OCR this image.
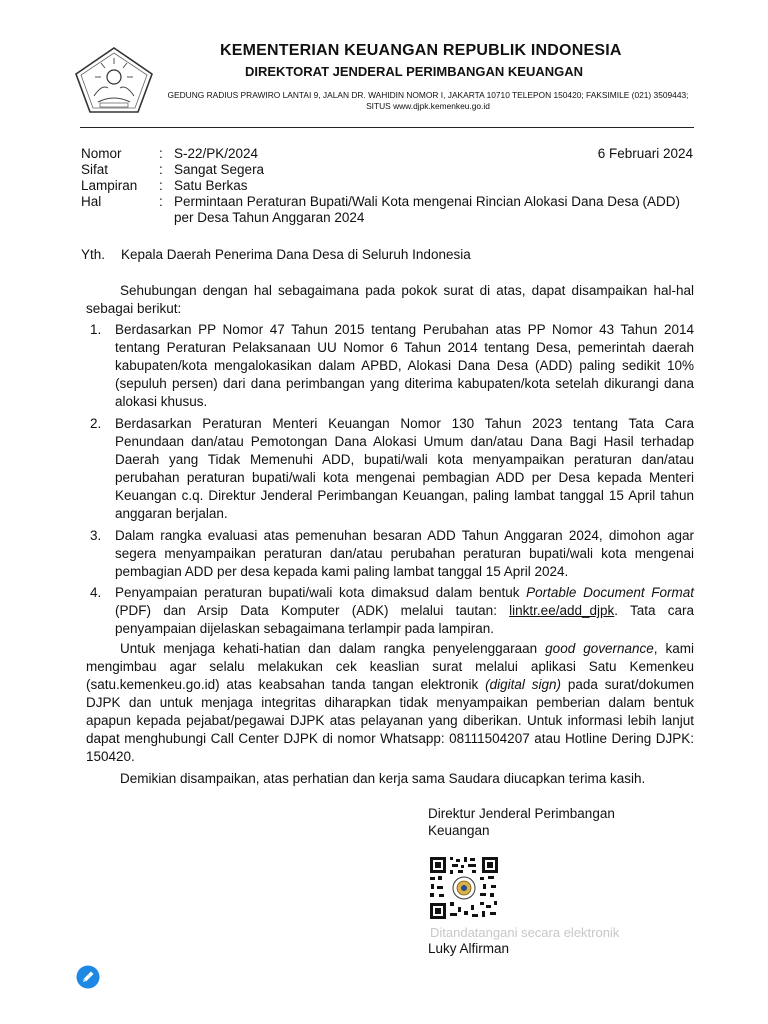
KEMENTERIAN KEUANGAN REPUBLIK INDONESIA
DIREKTORAT JENDERAL PERIMBANGAN KEUANGAN
GEDUNG RADIUS PRAWIRO LANTAI 9, JALAN DR. WAHIDIN NOMOR I, JAKARTA 10710 TELEPON 150420; FAKSIMILE (021) 3509443; SITUS www.djpk.kemenkeu.go.id
Nomor	: S-22/PK/2024	6 Februari 2024
Sifat	: Sangat Segera
Lampiran : Satu Berkas
Hal	: Permintaan Peraturan Bupati/Wali Kota mengenai Rincian Alokasi Dana Desa (ADD) per Desa Tahun Anggaran 2024
Yth. Kepala Daerah Penerima Dana Desa di Seluruh Indonesia
Sehubungan dengan hal sebagaimana pada pokok surat di atas, dapat disampaikan hal-hal sebagai berikut:
1. Berdasarkan PP Nomor 47 Tahun 2015 tentang Perubahan atas PP Nomor 43 Tahun 2014 tentang Peraturan Pelaksanaan UU Nomor 6 Tahun 2014 tentang Desa, pemerintah daerah kabupaten/kota mengalokasikan dalam APBD, Alokasi Dana Desa (ADD) paling sedikit 10% (sepuluh persen) dari dana perimbangan yang diterima kabupaten/kota setelah dikurangi dana alokasi khusus.
2. Berdasarkan Peraturan Menteri Keuangan Nomor 130 Tahun 2023 tentang Tata Cara Penundaan dan/atau Pemotongan Dana Alokasi Umum dan/atau Dana Bagi Hasil terhadap Daerah yang Tidak Memenuhi ADD, bupati/wali kota menyampaikan peraturan dan/atau perubahan peraturan bupati/wali kota mengenai pembagian ADD per Desa kepada Menteri Keuangan c.q. Direktur Jenderal Perimbangan Keuangan, paling lambat tanggal 15 April tahun anggaran berjalan.
3. Dalam rangka evaluasi atas pemenuhan besaran ADD Tahun Anggaran 2024, dimohon agar segera menyampaikan peraturan dan/atau perubahan peraturan bupati/wali kota mengenai pembagian ADD per desa kepada kami paling lambat tanggal 15 April 2024.
4. Penyampaian peraturan bupati/wali kota dimaksud dalam bentuk Portable Document Format (PDF) dan Arsip Data Komputer (ADK) melalui tautan: linktr.ee/add_djpk. Tata cara penyampaian dijelaskan sebagaimana terlampir pada lampiran.
Untuk menjaga kehati-hatian dan dalam rangka penyelenggaraan good governance, kami mengimbau agar selalu melakukan cek keaslian surat melalui aplikasi Satu Kemenkeu (satu.kemenkeu.go.id) atas keabsahan tanda tangan elektronik (digital sign) pada surat/dokumen DJPK dan untuk menjaga integritas diharapkan tidak menyampaikan pemberian dalam bentuk apapun kepada pejabat/pegawai DJPK atas pelayanan yang diberikan. Untuk informasi lebih lanjut dapat menghubungi Call Center DJPK di nomor Whatsapp: 08111504207 atau Hotline Dering DJPK: 150420.
Demikian disampaikan, atas perhatian dan kerja sama Saudara diucapkan terima kasih.
Direktur Jenderal Perimbangan
Keuangan
Ditandatangani secara elektronik
Luky Alfirman
